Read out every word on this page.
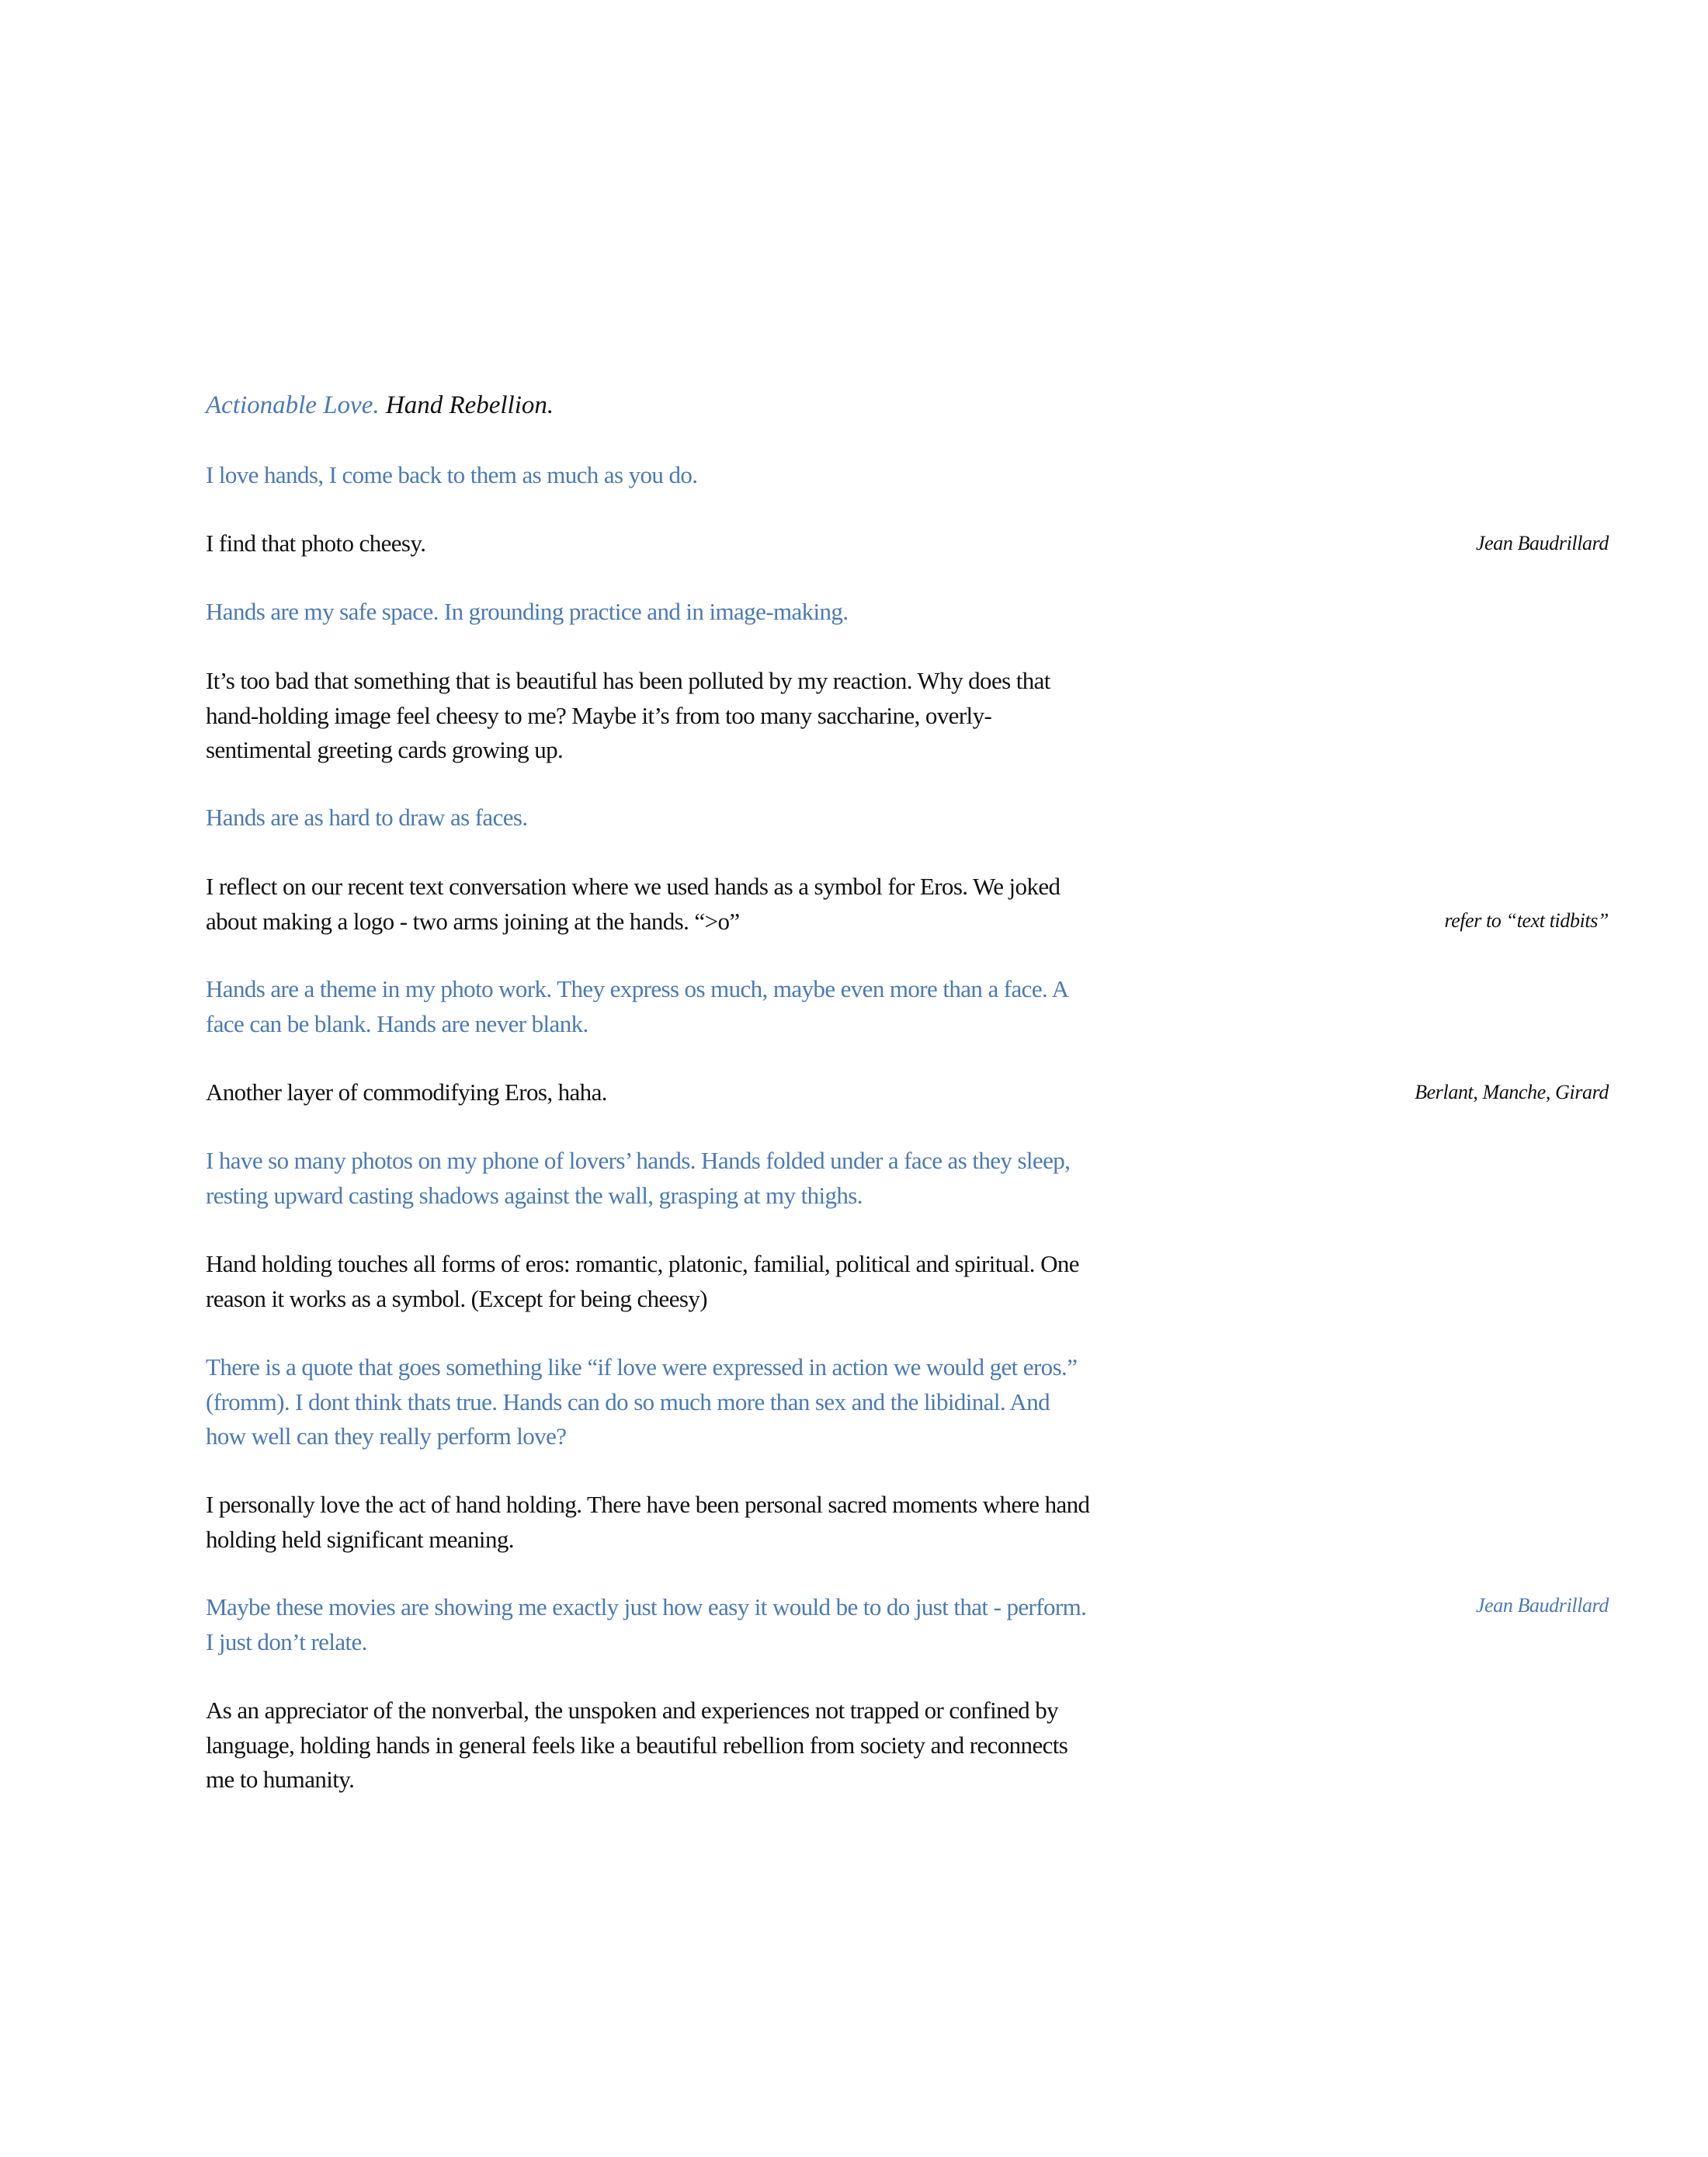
Actionable Love. Hand Rebellion.
I love hands, I come back to them as much as you do.
I find that photo cheesy.
Hands are my safe space. In grounding practice and in image-making.
It’s too bad that something that is beautiful has been polluted by my reaction. Why does that hand-holding image feel cheesy to me? Maybe it’s from too many saccharine, overly-sentimental greeting cards growing up.
Hands are as hard to draw as faces.
I reflect on our recent text conversation where we used hands as a symbol for Eros. We joked about making a logo - two arms joining at the hands. “>o”
Hands are a theme in my photo work. They express os much, maybe even more than a face. A face can be blank. Hands are never blank.
Another layer of commodifying Eros, haha.
I have so many photos on my phone of lovers’ hands. Hands folded under a face as they sleep, resting upward casting shadows against the wall, grasping at my thighs.
Hand holding touches all forms of eros: romantic, platonic, familial, political and spiritual. One reason it works as a symbol. (Except for being cheesy)
There is a quote that goes something like “if love were expressed in action we would get eros.” (fromm). I dont think thats true. Hands can do so much more than sex and the libidinal. And how well can they really perform love?
I personally love the act of hand holding. There have been personal sacred moments where hand holding held significant meaning.
Maybe these movies are showing me exactly just how easy it would be to do just that - perform. I just don’t relate.
As an appreciator of the nonverbal, the unspoken and experiences not trapped or confined by language, holding hands in general feels like a beautiful rebellion from society and reconnects me to humanity.
Jean Baudrillard
refer to “text tidbits”
Berlant, Manche, Girard
Jean Baudrillard
